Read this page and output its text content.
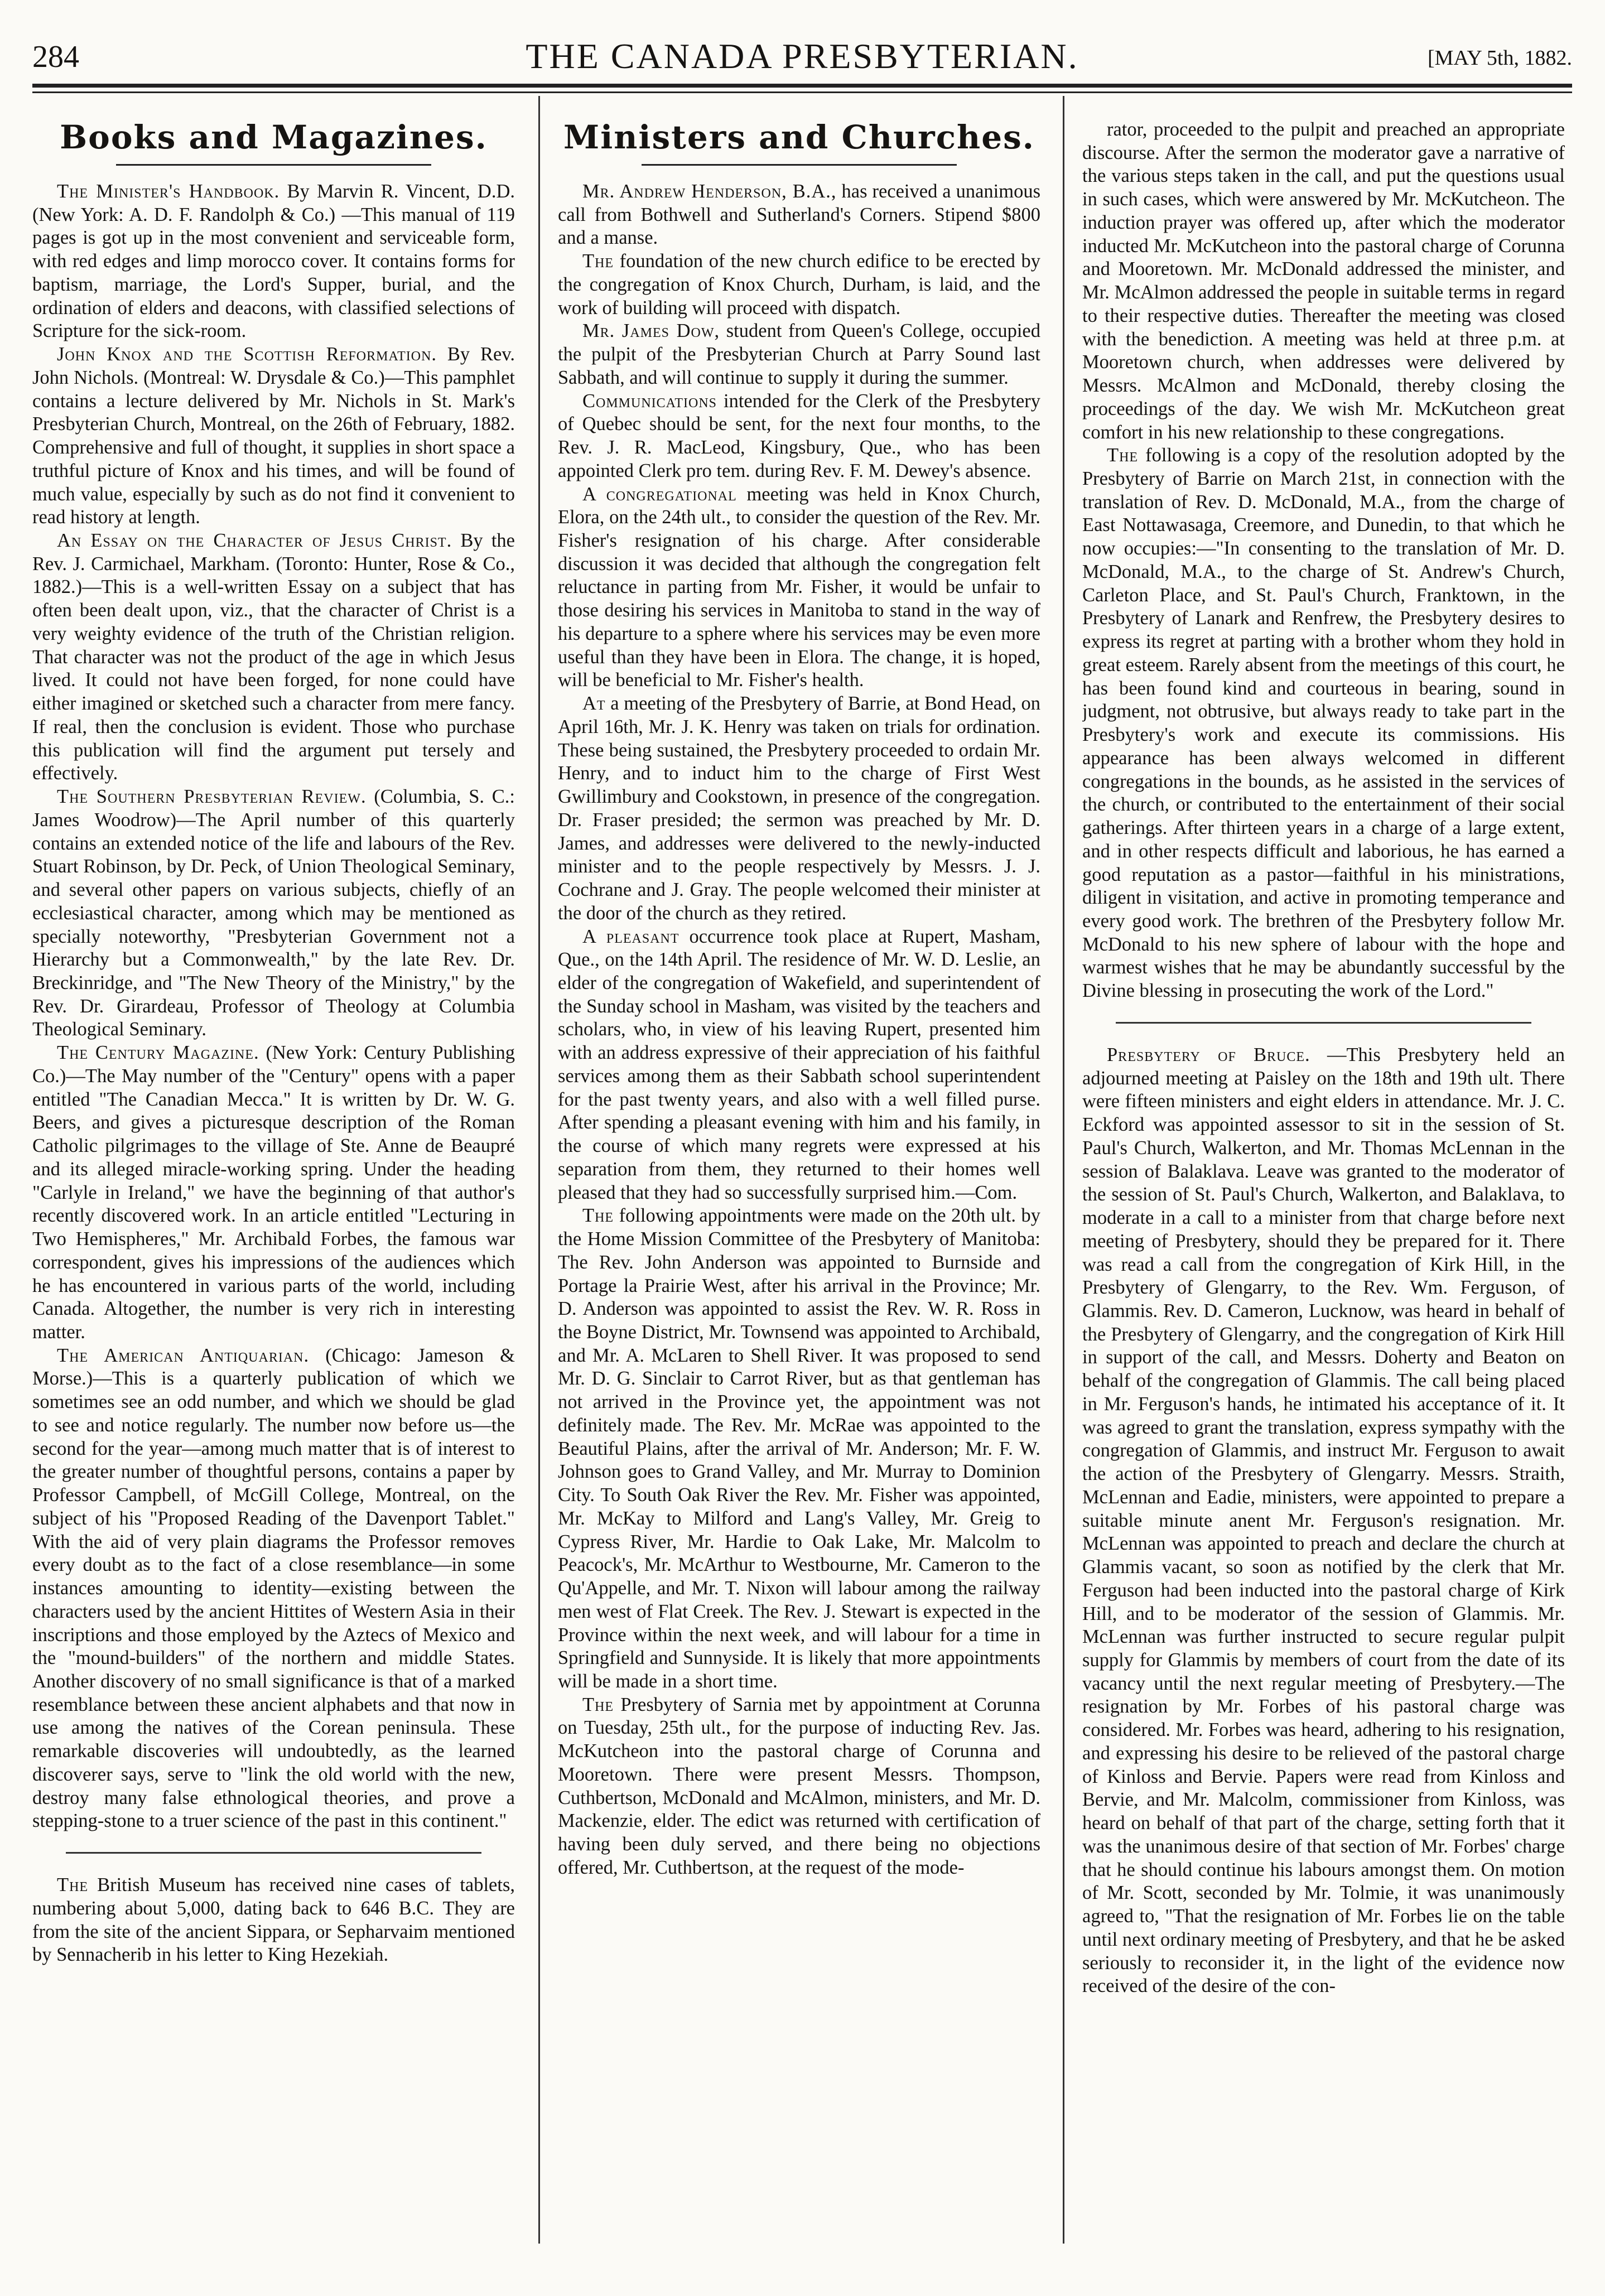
284	THE CANADA PRESBYTERIAN.	[MAY 5th, 1882.
Books and Magazines.

The Minister's Handbook. By Marvin R. Vincent, D.D. (New York: A. D. F. Randolph & Co.) —This manual of 119 pages is got up in the most convenient and serviceable form, with red edges and limp morocco cover. It contains forms for baptism, marriage, the Lord's Supper, burial, and the ordination of elders and deacons, with classified selections of Scripture for the sick-room.

John Knox and the Scottish Reformation. By Rev. John Nichols. (Montreal: W. Drysdale & Co.)—This pamphlet contains a lecture delivered by Mr. Nichols in St. Mark's Presbyterian Church, Montreal, on the 26th of February, 1882. Comprehensive and full of thought, it supplies in short space a truthful picture of Knox and his times, and will be found of much value, especially by such as do not find it convenient to read history at length.

An Essay on the Character of Jesus Christ. By the Rev. J. Carmichael, Markham. (Toronto: Hunter, Rose & Co., 1882.)—This is a well-written Essay on a subject that has often been dealt upon, viz., that the character of Christ is a very weighty evidence of the truth of the Christian religion. That character was not the product of the age in which Jesus lived. It could not have been forged, for none could have either imagined or sketched such a character from mere fancy. If real, then the conclusion is evident. Those who purchase this publication will find the argument put tersely and effectively.

The Southern Presbyterian Review. (Columbia, S. C.: James Woodrow)—The April number of this quarterly contains an extended notice of the life and labours of the Rev. Stuart Robinson, by Dr. Peck, of Union Theological Seminary, and several other papers on various subjects, chiefly of an ecclesiastical character, among which may be mentioned as specially noteworthy, "Presbyterian Government not a Hierarchy but a Commonwealth," by the late Rev. Dr. Breckinridge, and "The New Theory of the Ministry," by the Rev. Dr. Girardeau, Professor of Theology at Columbia Theological Seminary.

The Century Magazine. (New York: Century Publishing Co.)—The May number of the "Century" opens with a paper entitled "The Canadian Mecca." It is written by Dr. W. G. Beers, and gives a picturesque description of the Roman Catholic pilgrimages to the village of Ste. Anne de Beaupré and its alleged miracle-working spring. Under the heading "Carlyle in Ireland," we have the beginning of that author's recently discovered work. In an article entitled "Lecturing in Two Hemispheres," Mr. Archibald Forbes, the famous war correspondent, gives his impressions of the audiences which he has encountered in various parts of the world, including Canada. Altogether, the number is very rich in interesting matter.

The American Antiquarian. (Chicago: Jameson & Morse.)—This is a quarterly publication of which we sometimes see an odd number, and which we should be glad to see and notice regularly. The number now before us—the second for the year—among much matter that is of interest to the greater number of thoughtful persons, contains a paper by Professor Campbell, of McGill College, Montreal, on the subject of his "Proposed Reading of the Davenport Tablet." With the aid of very plain diagrams the Professor removes every doubt as to the fact of a close resemblance—in some instances amounting to identity—existing between the characters used by the ancient Hittites of Western Asia in their inscriptions and those employed by the Aztecs of Mexico and the "mound-builders" of the northern and middle States. Another discovery of no small significance is that of a marked resemblance between these ancient alphabets and that now in use among the natives of the Corean peninsula. These remarkable discoveries will undoubtedly, as the learned discoverer says, serve to "link the old world with the new, destroy many false ethnological theories, and prove a stepping-stone to a truer science of the past in this continent."

The British Museum has received nine cases of tablets, numbering about 5,000, dating back to 646 B.C. They are from the site of the ancient Sippara, or Sepharvaim mentioned by Sennacherib in his letter to King Hezekiah.

Ministers and Churches.

Mr. Andrew Henderson, B.A., has received a unanimous call from Bothwell and Sutherland's Corners. Stipend $800 and a manse.

The foundation of the new church edifice to be erected by the congregation of Knox Church, Durham, is laid, and the work of building will proceed with dispatch.

Mr. James Dow, student from Queen's College, occupied the pulpit of the Presbyterian Church at Parry Sound last Sabbath, and will continue to supply it during the summer.

Communications intended for the Clerk of the Presbytery of Quebec should be sent, for the next four months, to the Rev. J. R. MacLeod, Kingsbury, Que., who has been appointed Clerk pro tem. during Rev. F. M. Dewey's absence.

A congregational meeting was held in Knox Church, Elora, on the 24th ult., to consider the question of the Rev. Mr. Fisher's resignation of his charge. After considerable discussion it was decided that although the congregation felt reluctance in parting from Mr. Fisher, it would be unfair to those desiring his services in Manitoba to stand in the way of his departure to a sphere where his services may be even more useful than they have been in Elora. The change, it is hoped, will be beneficial to Mr. Fisher's health.

At a meeting of the Presbytery of Barrie, at Bond Head, on April 16th, Mr. J. K. Henry was taken on trials for ordination. These being sustained, the Presbytery proceeded to ordain Mr. Henry, and to induct him to the charge of First West Gwillimbury and Cookstown, in presence of the congregation. Dr. Fraser presided; the sermon was preached by Mr. D. James, and addresses were delivered to the newly-inducted minister and to the people respectively by Messrs. J. J. Cochrane and J. Gray. The people welcomed their minister at the door of the church as they retired.

A pleasant occurrence took place at Rupert, Masham, Que., on the 14th April. The residence of Mr. W. D. Leslie, an elder of the congregation of Wakefield, and superintendent of the Sunday school in Masham, was visited by the teachers and scholars, who, in view of his leaving Rupert, presented him with an address expressive of their appreciation of his faithful services among them as their Sabbath school superintendent for the past twenty years, and also with a well filled purse. After spending a pleasant evening with him and his family, in the course of which many regrets were expressed at his separation from them, they returned to their homes well pleased that they had so successfully surprised him.—Com.

The following appointments were made on the 20th ult. by the Home Mission Committee of the Presbytery of Manitoba: The Rev. John Anderson was appointed to Burnside and Portage la Prairie West, after his arrival in the Province; Mr. D. Anderson was appointed to assist the Rev. W. R. Ross in the Boyne District, Mr. Townsend was appointed to Archibald, and Mr. A. McLaren to Shell River. It was proposed to send Mr. D. G. Sinclair to Carrot River, but as that gentleman has not arrived in the Province yet, the appointment was not definitely made. The Rev. Mr. McRae was appointed to the Beautiful Plains, after the arrival of Mr. Anderson; Mr. F. W. Johnson goes to Grand Valley, and Mr. Murray to Dominion City. To South Oak River the Rev. Mr. Fisher was appointed, Mr. McKay to Milford and Lang's Valley, Mr. Greig to Cypress River, Mr. Hardie to Oak Lake, Mr. Malcolm to Peacock's, Mr. McArthur to Westbourne, Mr. Cameron to the Qu'Appelle, and Mr. T. Nixon will labour among the railway men west of Flat Creek. The Rev. J. Stewart is expected in the Province within the next week, and will labour for a time in Springfield and Sunnyside. It is likely that more appointments will be made in a short time.

The Presbytery of Sarnia met by appointment at Corunna on Tuesday, 25th ult., for the purpose of inducting Rev. Jas. McKutcheon into the pastoral charge of Corunna and Mooretown. There were present Messrs. Thompson, Cuthbertson, McDonald and McAlmon, ministers, and Mr. D. Mackenzie, elder. The edict was returned with certification of having been duly served, and there being no objections offered, Mr. Cuthbertson, at the request of the mode-

rator, proceeded to the pulpit and preached an appropriate discourse. After the sermon the moderator gave a narrative of the various steps taken in the call, and put the questions usual in such cases, which were answered by Mr. McKutcheon. The induction prayer was offered up, after which the moderator inducted Mr. McKutcheon into the pastoral charge of Corunna and Mooretown. Mr. McDonald addressed the minister, and Mr. McAlmon addressed the people in suitable terms in regard to their respective duties. Thereafter the meeting was closed with the benediction. A meeting was held at three p.m. at Mooretown church, when addresses were delivered by Messrs. McAlmon and McDonald, thereby closing the proceedings of the day. We wish Mr. McKutcheon great comfort in his new relationship to these congregations.

The following is a copy of the resolution adopted by the Presbytery of Barrie on March 21st, in connection with the translation of Rev. D. McDonald, M.A., from the charge of East Nottawasaga, Creemore, and Dunedin, to that which he now occupies:—"In consenting to the translation of Mr. D. McDonald, M.A., to the charge of St. Andrew's Church, Carleton Place, and St. Paul's Church, Franktown, in the Presbytery of Lanark and Renfrew, the Presbytery desires to express its regret at parting with a brother whom they hold in great esteem. Rarely absent from the meetings of this court, he has been found kind and courteous in bearing, sound in judgment, not obtrusive, but always ready to take part in the Presbytery's work and execute its commissions. His appearance has been always welcomed in different congregations in the bounds, as he assisted in the services of the church, or contributed to the entertainment of their social gatherings. After thirteen years in a charge of a large extent, and in other respects difficult and laborious, he has earned a good reputation as a pastor—faithful in his ministrations, diligent in visitation, and active in promoting temperance and every good work. The brethren of the Presbytery follow Mr. McDonald to his new sphere of labour with the hope and warmest wishes that he may be abundantly successful by the Divine blessing in prosecuting the work of the Lord."

Presbytery of Bruce. —This Presbytery held an adjourned meeting at Paisley on the 18th and 19th ult. There were fifteen ministers and eight elders in attendance. Mr. J. C. Eckford was appointed assessor to sit in the session of St. Paul's Church, Walkerton, and Mr. Thomas McLennan in the session of Balaklava. Leave was granted to the moderator of the session of St. Paul's Church, Walkerton, and Balaklava, to moderate in a call to a minister from that charge before next meeting of Presbytery, should they be prepared for it. There was read a call from the congregation of Kirk Hill, in the Presbytery of Glengarry, to the Rev. Wm. Ferguson, of Glammis. Rev. D. Cameron, Lucknow, was heard in behalf of the Presbytery of Glengarry, and the congregation of Kirk Hill in support of the call, and Messrs. Doherty and Beaton on behalf of the congregation of Glammis. The call being placed in Mr. Ferguson's hands, he intimated his acceptance of it. It was agreed to grant the translation, express sympathy with the congregation of Glammis, and instruct Mr. Ferguson to await the action of the Presbytery of Glengarry. Messrs. Straith, McLennan and Eadie, ministers, were appointed to prepare a suitable minute anent Mr. Ferguson's resignation. Mr. McLennan was appointed to preach and declare the church at Glammis vacant, so soon as notified by the clerk that Mr. Ferguson had been inducted into the pastoral charge of Kirk Hill, and to be moderator of the session of Glammis. Mr. McLennan was further instructed to secure regular pulpit supply for Glammis by members of court from the date of its vacancy until the next regular meeting of Presbytery.—The resignation by Mr. Forbes of his pastoral charge was considered. Mr. Forbes was heard, adhering to his resignation, and expressing his desire to be relieved of the pastoral charge of Kinloss and Bervie. Papers were read from Kinloss and Bervie, and Mr. Malcolm, commissioner from Kinloss, was heard on behalf of that part of the charge, setting forth that it was the unanimous desire of that section of Mr. Forbes' charge that he should continue his labours amongst them. On motion of Mr. Scott, seconded by Mr. Tolmie, it was unanimously agreed to, "That the resignation of Mr. Forbes lie on the table until next ordinary meeting of Presbytery, and that he be asked seriously to reconsider it, in the light of the evidence now received of the desire of the con-
